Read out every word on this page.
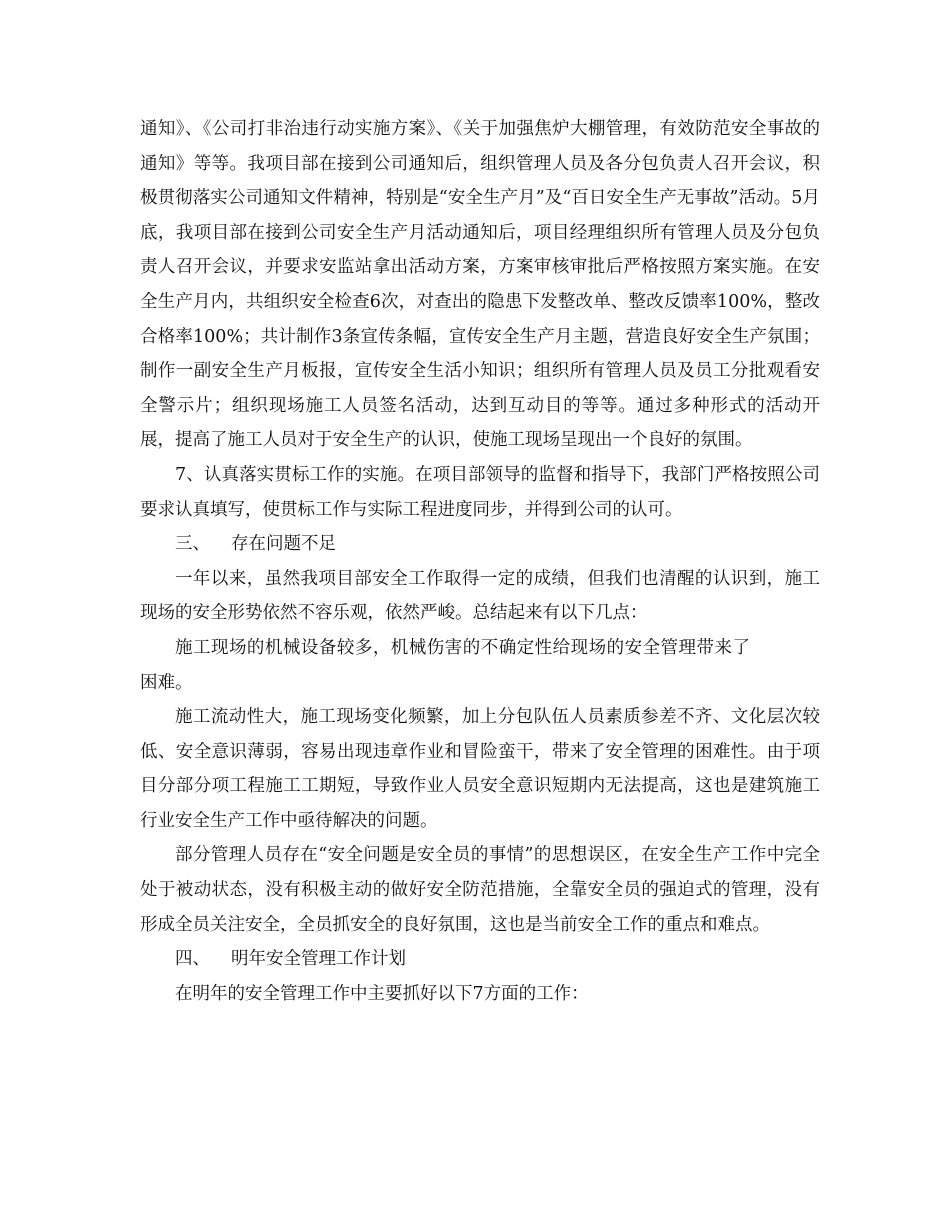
通知》、《公司打非治违行动实施方案》、《关于加强焦炉大棚管理，有效防范安全事故的通知》等等。我项目部在接到公司通知后，组织管理人员及各分包负责人召开会议，积极贯彻落实公司通知文件精神，特别是“安全生产月”及“百日安全生产无事故”活动。5月底，我项目部在接到公司安全生产月活动通知后，项目经理组织所有管理人员及分包负责人召开会议，并要求安监站拿出活动方案，方案审核审批后严格按照方案实施。在安全生产月内，共组织安全检查6次，对查出的隐患下发整改单、整改反馈率100%，整改合格率100%；共计制作3条宣传条幅，宣传安全生产月主题，营造良好安全生产氛围；制作一副安全生产月板报，宣传安全生活小知识；组织所有管理人员及员工分批观看安全警示片；组织现场施工人员签名活动，达到互动目的等等。通过多种形式的活动开展，提高了施工人员对于安全生产的认识，使施工现场呈现出一个良好的氛围。

7、认真落实贯标工作的实施。在项目部领导的监督和指导下，我部门严格按照公司要求认真填写，使贯标工作与实际工程进度同步，并得到公司的认可。

三、 存在问题不足

一年以来，虽然我项目部安全工作取得一定的成绩，但我们也清醒的认识到，施工现场的安全形势依然不容乐观，依然严峻。总结起来有以下几点：

施工现场的机械设备较多，机械伤害的不确定性给现场的安全管理带来了困难。

施工流动性大，施工现场变化频繁，加上分包队伍人员素质参差不齐、文化层次较低、安全意识薄弱，容易出现违章作业和冒险蛮干，带来了安全管理的困难性。由于项目分部分项工程施工工期短，导致作业人员安全意识短期内无法提高，这也是建筑施工行业安全生产工作中亟待解决的问题。

部分管理人员存在“安全问题是安全员的事情”的思想误区，在安全生产工作中完全处于被动状态，没有积极主动的做好安全防范措施，全靠安全员的强迫式的管理，没有形成全员关注安全，全员抓安全的良好氛围，这也是当前安全工作的重点和难点。

四、 明年安全管理工作计划

在明年的安全管理工作中主要抓好以下7方面的工作：
